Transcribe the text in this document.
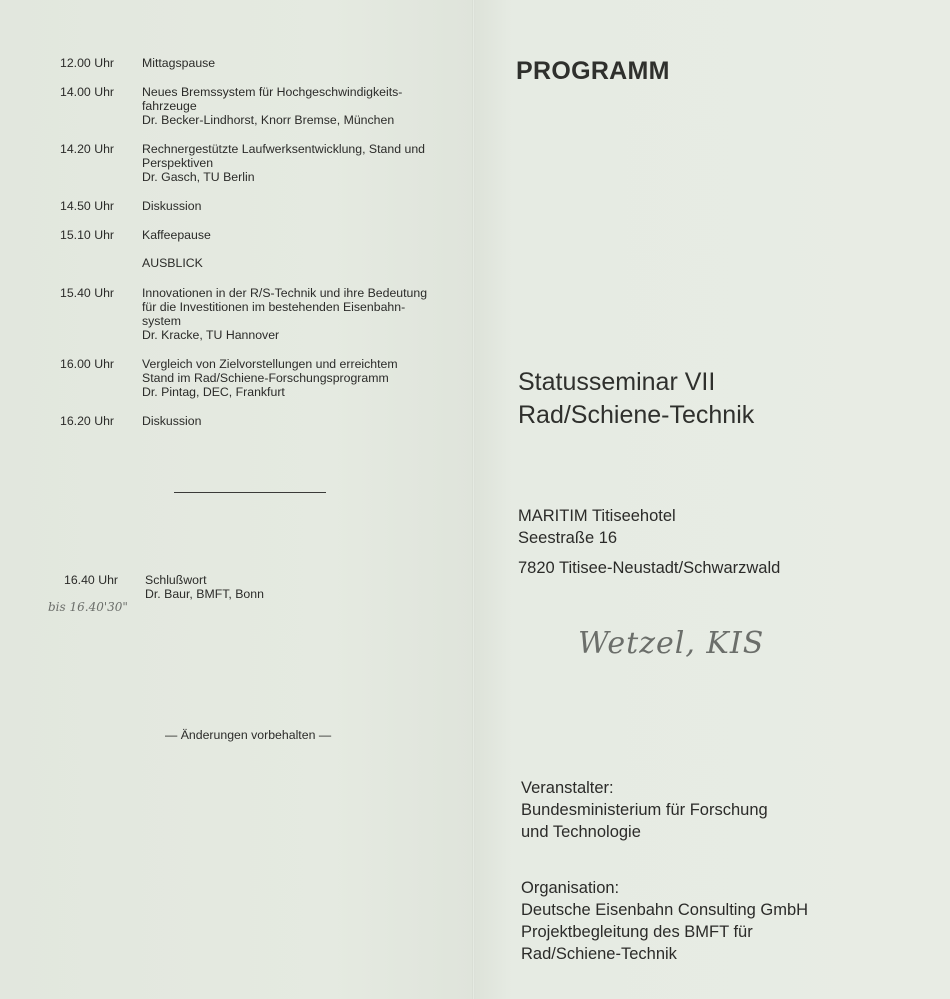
12.00 Uhr Mittagspause
14.00 Uhr Neues Bremssystem für Hochgeschwindigkeits-
fahrzeuge
Dr. Becker-Lindhorst, Knorr Bremse, München
14.20 Uhr Rechnergestützte Laufwerksentwicklung, Stand und
Perspektiven
Dr. Gasch, TU Berlin
14.50 Uhr Diskussion
15.10 Uhr Kaffeepause
AUSBLICK
15.40 Uhr Innovationen in der R/S-Technik und ihre Bedeutung
für die Investitionen im bestehenden Eisenbahn-
system
Dr. Kracke, TU Hannover
16.00 Uhr Vergleich von Zielvorstellungen und erreichtem
Stand im Rad/Schiene-Forschungsprogramm
Dr. Pintag, DEC, Frankfurt
16.20 Uhr Diskussion
16.40 Uhr Schlußwort
Dr. Baur, BMFT, Bonn
bis 16.40'30"
— Änderungen vorbehalten —
PROGRAMM
Statusseminar VII
Rad/Schiene-Technik
MARITIM Titiseehotel
Seestraße 16
7820 Titisee-Neustadt/Schwarzwald
Wetzel, KIS
Veranstalter:
Bundesministerium für Forschung
und Technologie
Organisation:
Deutsche Eisenbahn Consulting GmbH
Projektbegleitung des BMFT für
Rad/Schiene-Technik
